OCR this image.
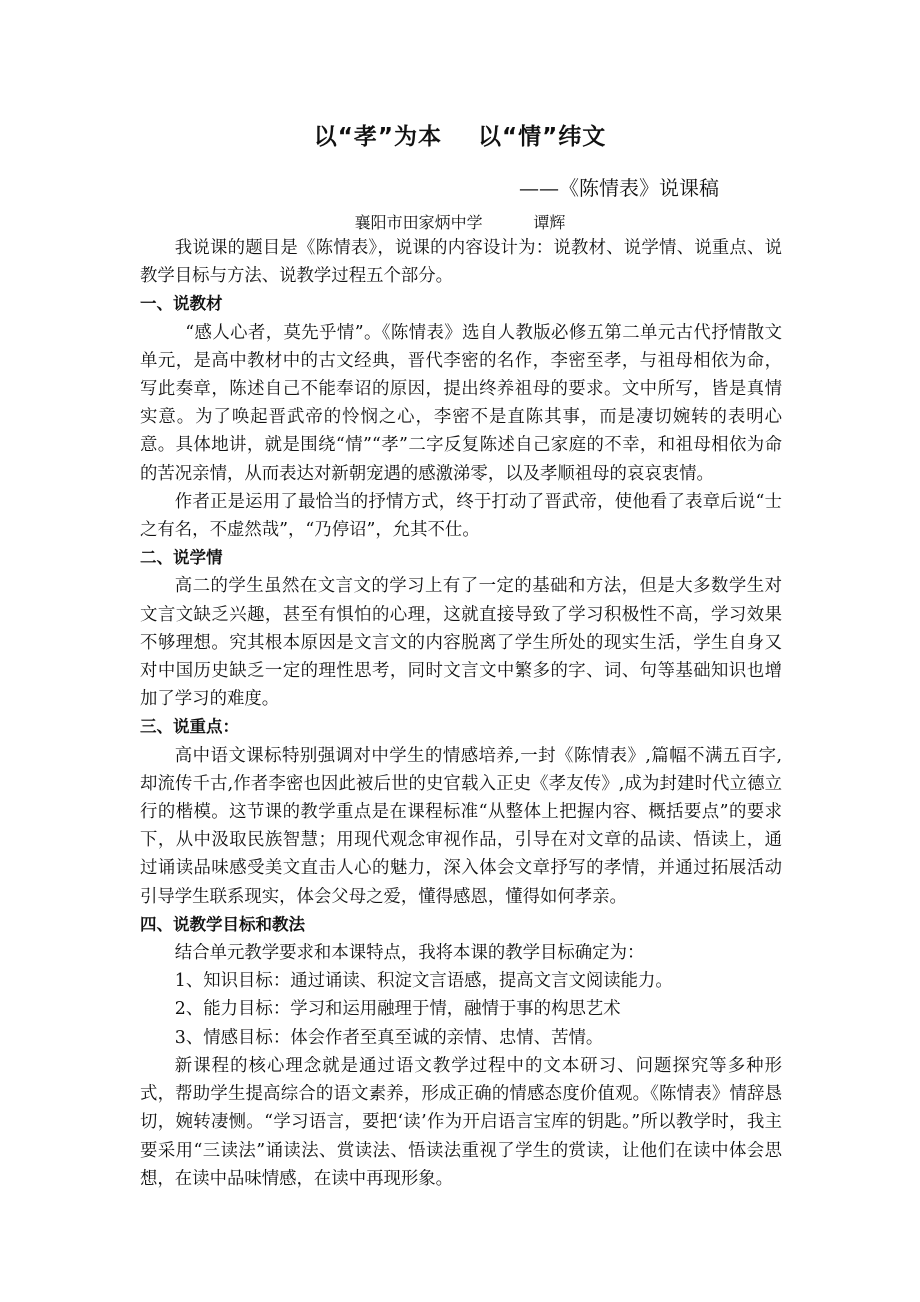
以“孝”为本    以“情”纬文
——《陈情表》说课稿
襄阳市田家炳中学          谭辉

我说课的题目是《陈情表》，说课的内容设计为：说教材、说学情、说重点、说教学目标与方法、说教学过程五个部分。

一、说教材

“感人心者，莫先乎情”。《陈情表》选自人教版必修五第二单元古代抒情散文单元，是高中教材中的古文经典，晋代李密的名作，李密至孝，与祖母相依为命，写此奏章，陈述自己不能奉诏的原因，提出终养祖母的要求。文中所写，皆是真情实意。为了唤起晋武帝的怜悯之心，李密不是直陈其事，而是凄切婉转的表明心意。具体地讲，就是围绕“情”“孝”二字反复陈述自己家庭的不幸，和祖母相依为命的苦况亲情，从而表达对新朝宠遇的感激涕零，以及孝顺祖母的哀哀衷情。

作者正是运用了最恰当的抒情方式，终于打动了晋武帝，使他看了表章后说“士之有名，不虚然哉”，“乃停诏”，允其不仕。

二、说学情

高二的学生虽然在文言文的学习上有了一定的基础和方法，但是大多数学生对文言文缺乏兴趣，甚至有惧怕的心理，这就直接导致了学习积极性不高，学习效果不够理想。究其根本原因是文言文的内容脱离了学生所处的现实生活，学生自身又对中国历史缺乏一定的理性思考，同时文言文中繁多的字、词、句等基础知识也增加了学习的难度。

三、说重点：

高中语文课标特别强调对中学生的情感培养,一封《陈情表》,篇幅不满五百字,却流传千古,作者李密也因此被后世的史官载入正史《孝友传》,成为封建时代立德立行的楷模。这节课的教学重点是在课程标准“从整体上把握内容、概括要点”的要求下，从中汲取民族智慧；用现代观念审视作品，引导在对文章的品读、悟读上，通过诵读品味感受美文直击人心的魅力，深入体会文章抒写的孝情，并通过拓展活动引导学生联系现实，体会父母之爱，懂得感恩，懂得如何孝亲。

四、说教学目标和教法

结合单元教学要求和本课特点，我将本课的教学目标确定为：

1、知识目标：通过诵读、积淀文言语感，提高文言文阅读能力。

2、能力目标：学习和运用融理于情，融情于事的构思艺术

3、情感目标：体会作者至真至诚的亲情、忠情、苦情。

新课程的核心理念就是通过语文教学过程中的文本研习、问题探究等多种形式，帮助学生提高综合的语文素养，形成正确的情感态度价值观。《陈情表》情辞恳切，婉转凄恻。“学习语言，要把‘读’作为开启语言宝库的钥匙。”所以教学时，我主要采用“三读法”诵读法、赏读法、悟读法重视了学生的赏读，让他们在读中体会思想，在读中品味情感，在读中再现形象。
